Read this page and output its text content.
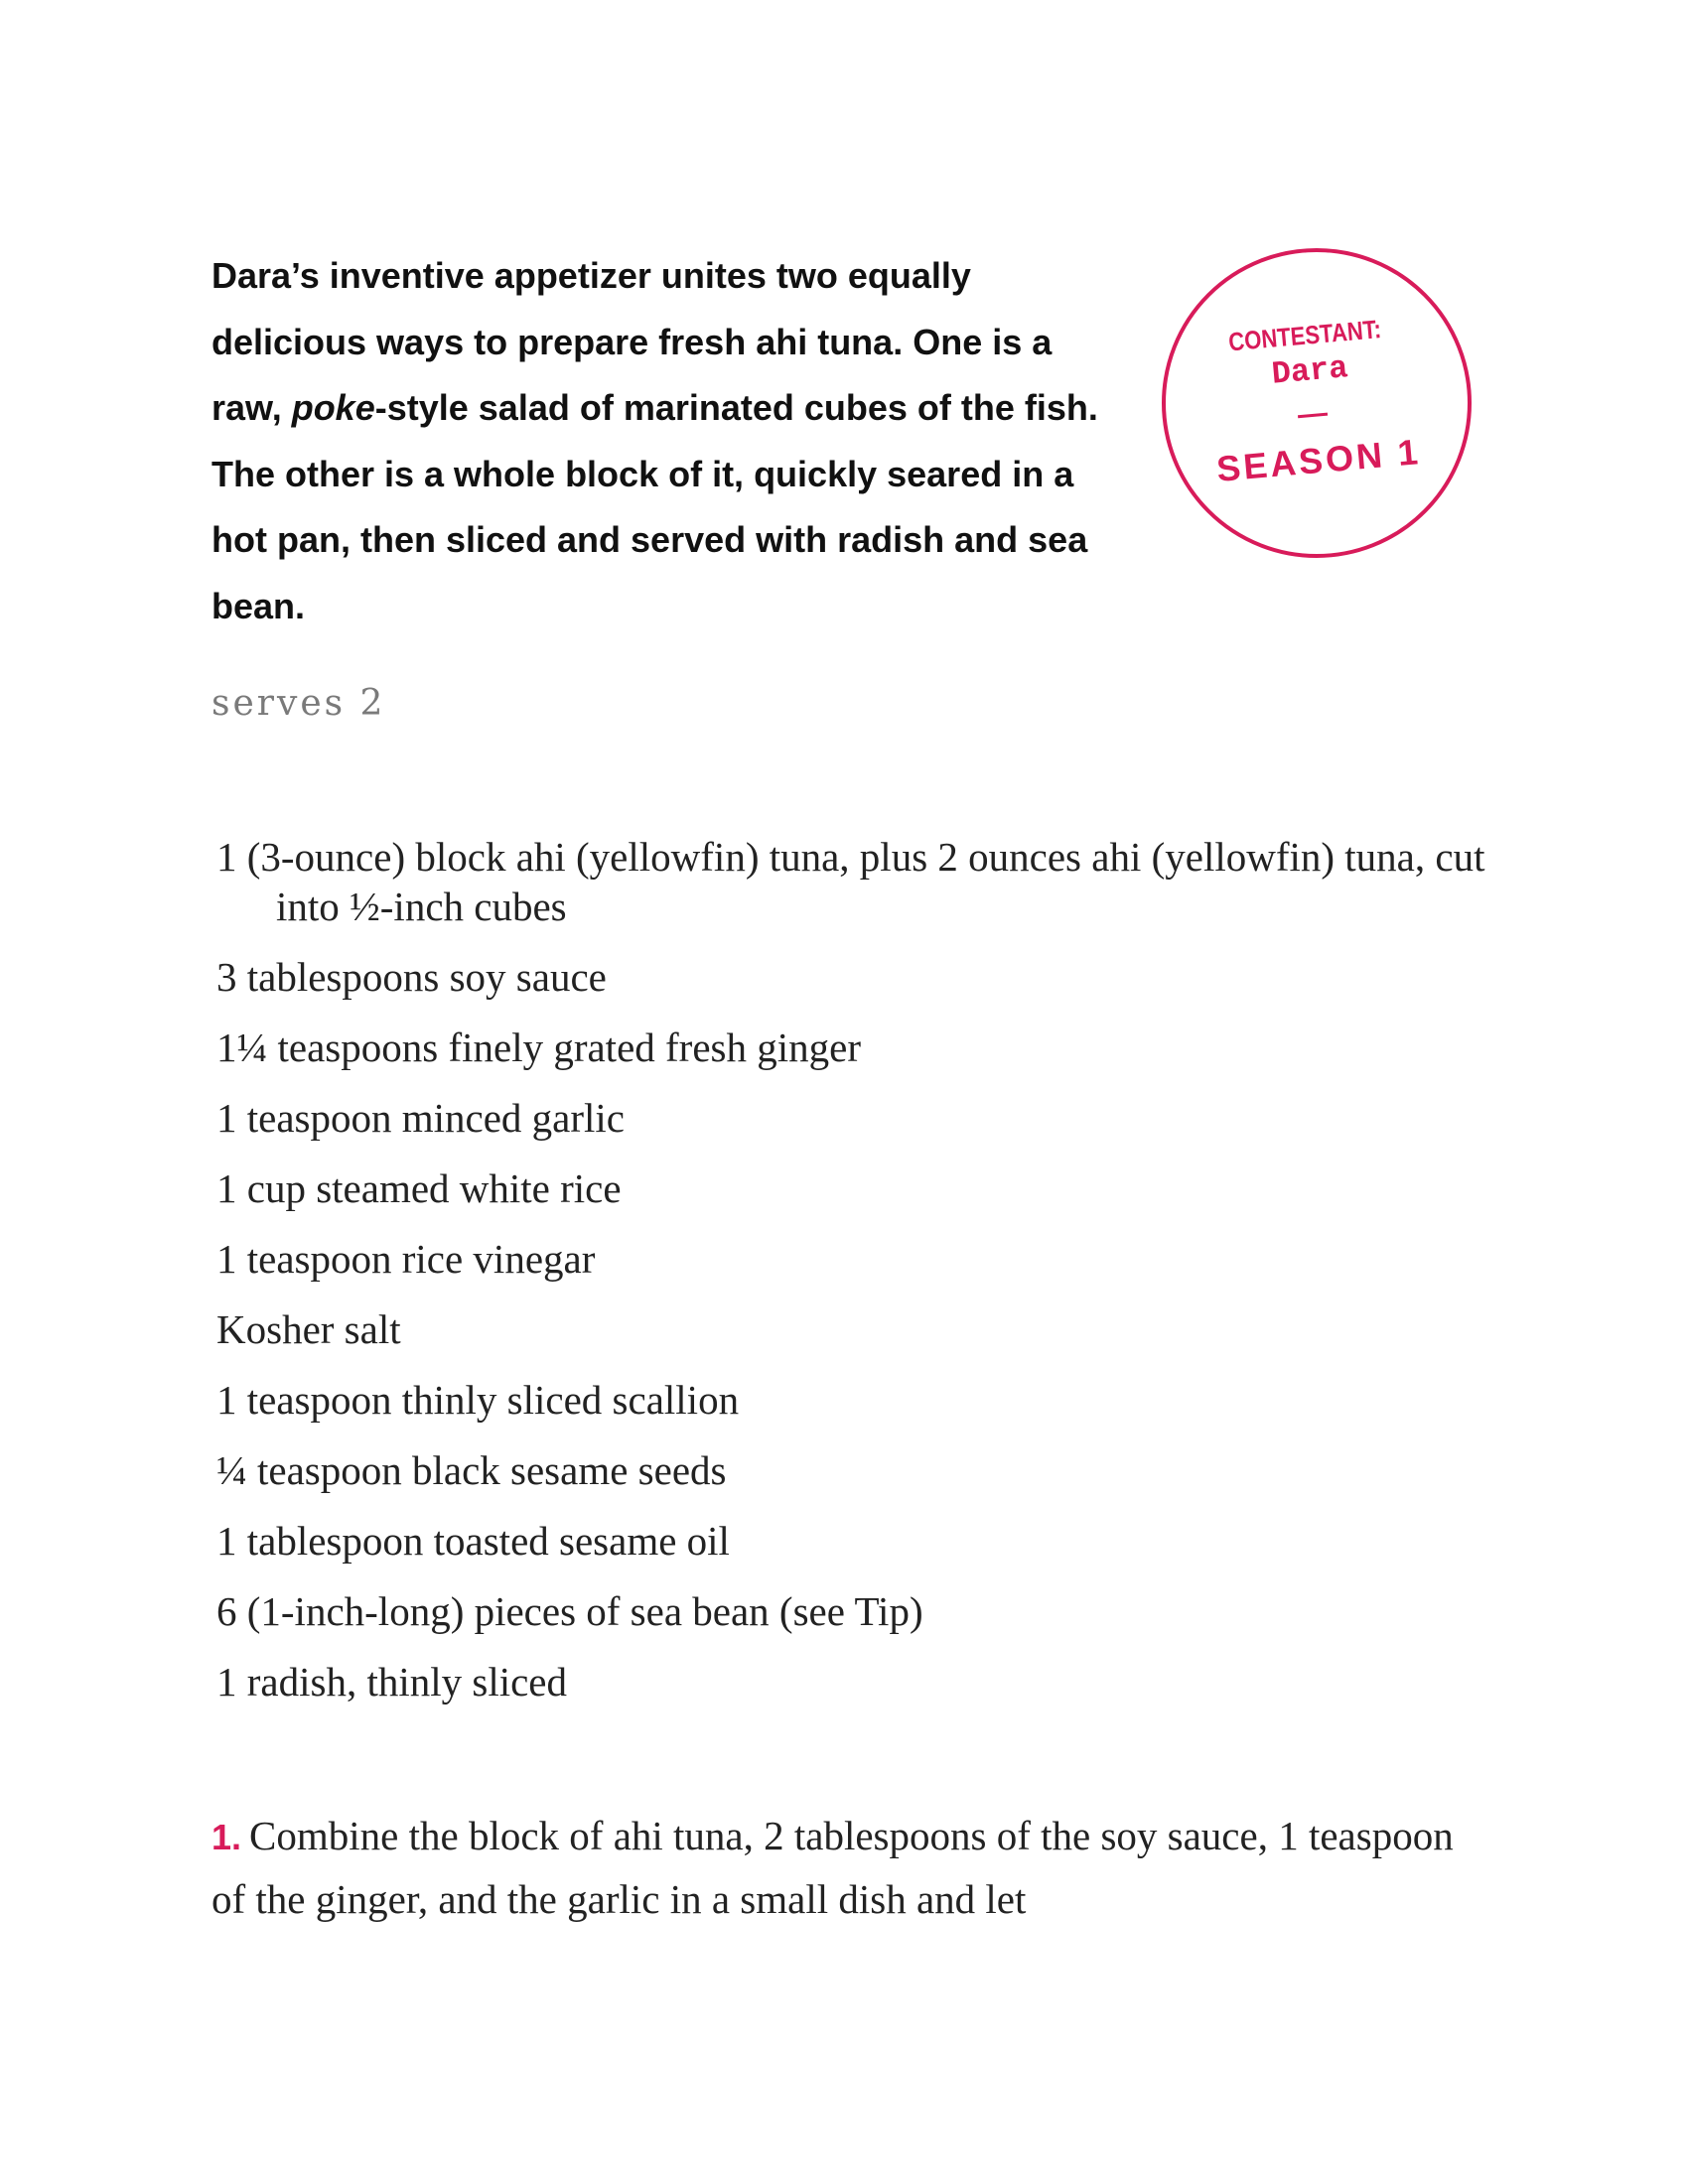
Dara’s inventive appetizer unites two equally delicious ways to prepare fresh ahi tuna. One is a raw, poke-style salad of marinated cubes of the fish. The other is a whole block of it, quickly seared in a hot pan, then sliced and served with radish and sea bean.

CONTESTANT:
Dara
SEASON 1

serves 2

1 (3-ounce) block ahi (yellowfin) tuna, plus 2 ounces ahi (yellowfin) tuna, cut into ½-inch cubes
3 tablespoons soy sauce
1¼ teaspoons finely grated fresh ginger
1 teaspoon minced garlic
1 cup steamed white rice
1 teaspoon rice vinegar
Kosher salt
1 teaspoon thinly sliced scallion
¼ teaspoon black sesame seeds
1 tablespoon toasted sesame oil
6 (1-inch-long) pieces of sea bean (see Tip)
1 radish, thinly sliced

1. Combine the block of ahi tuna, 2 tablespoons of the soy sauce, 1 teaspoon of the ginger, and the garlic in a small dish and let
